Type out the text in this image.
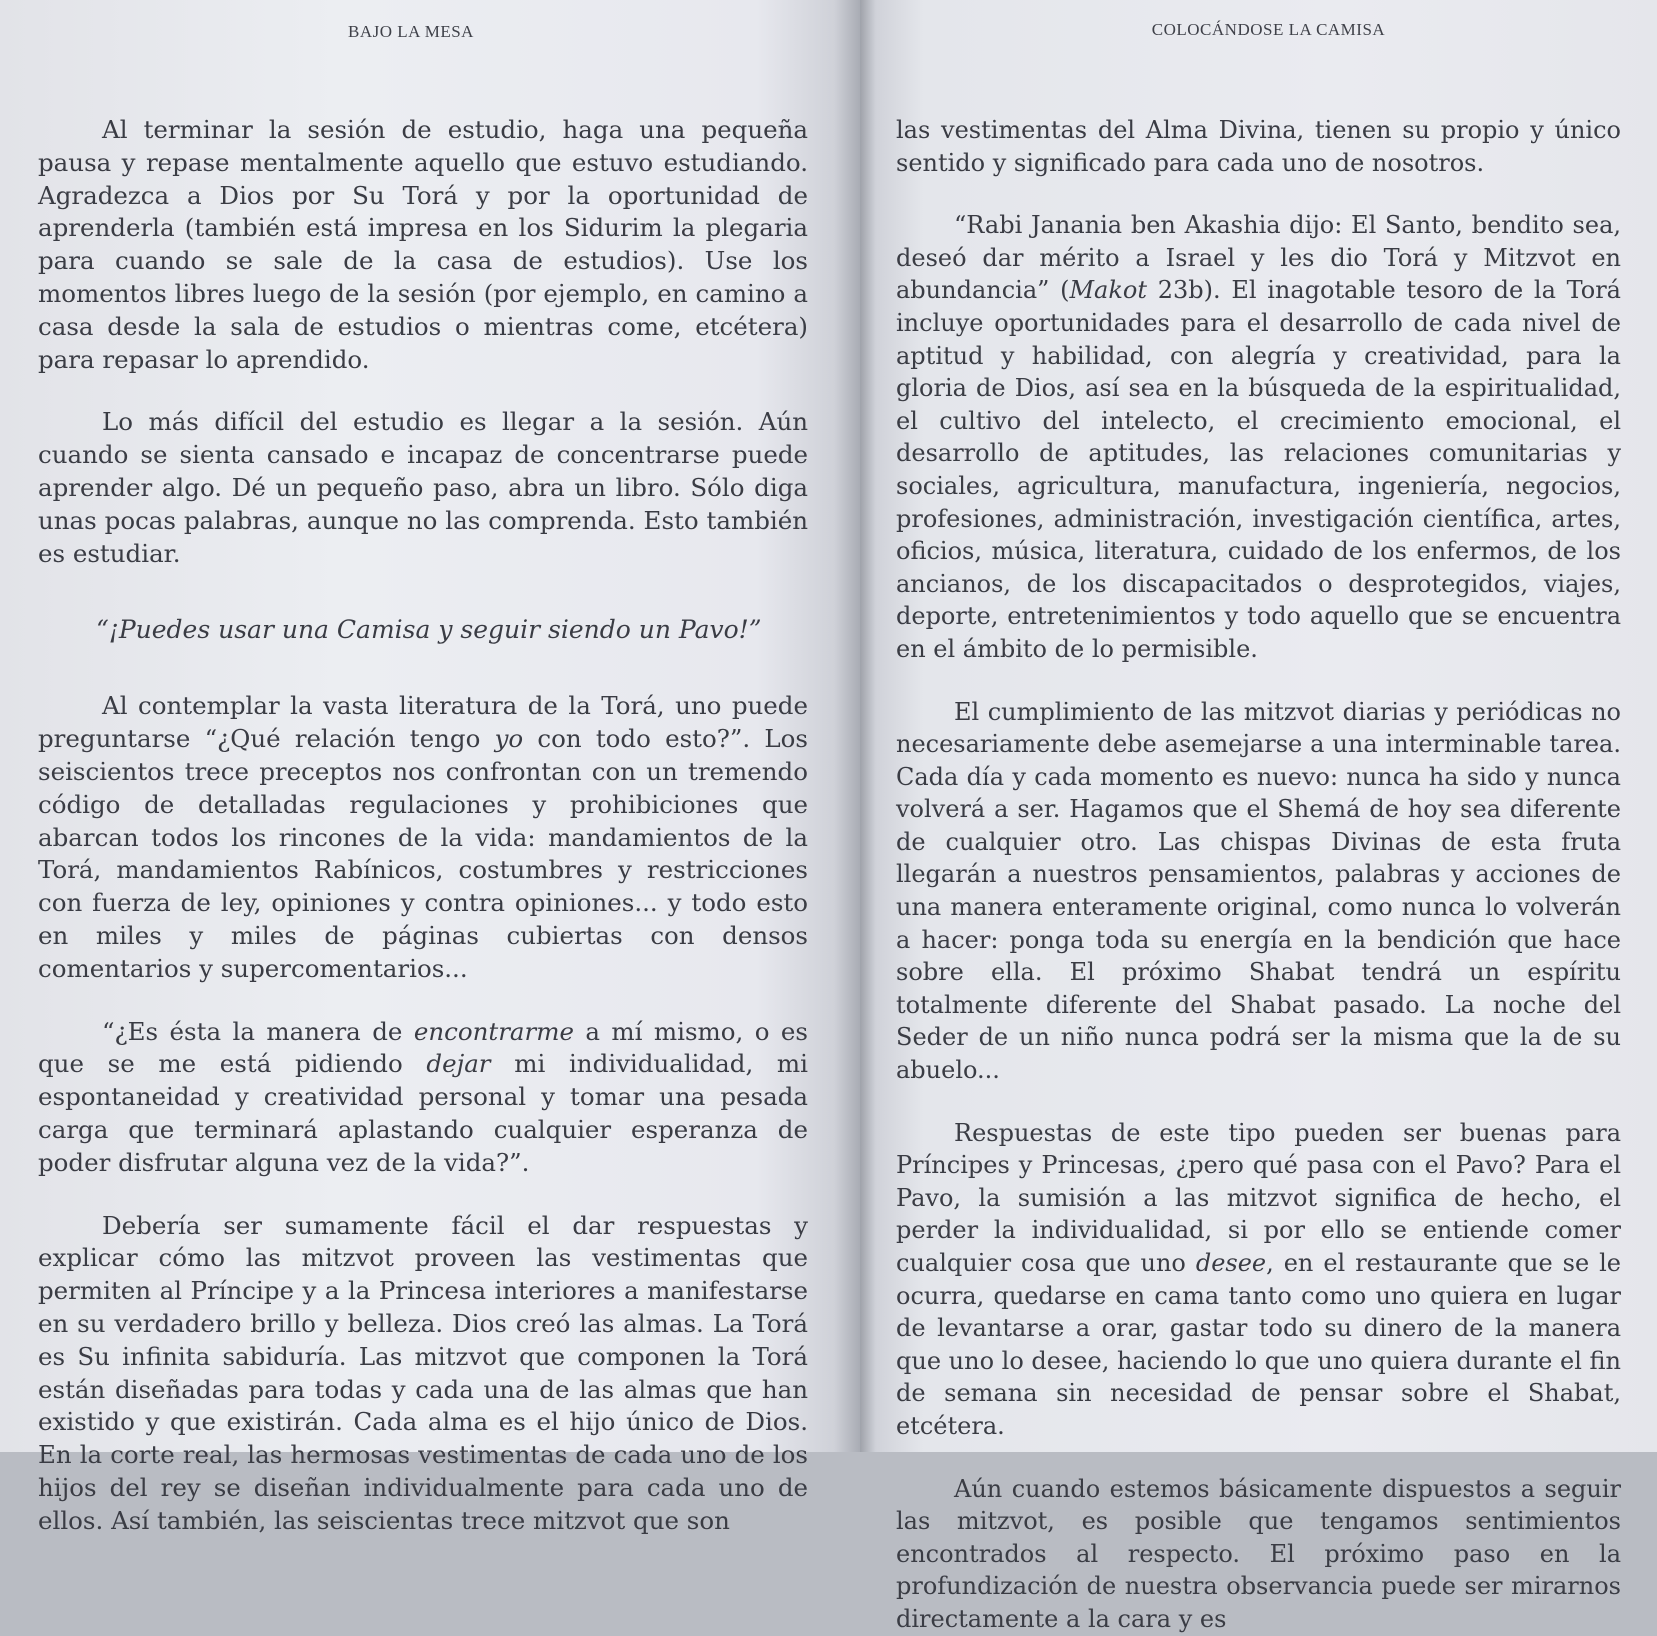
BAJO LA MESA

Al terminar la sesión de estudio, haga una pequeña pausa y repase mentalmente aquello que estuvo estudiando. Agradezca a Dios por Su Torá y por la oportunidad de aprenderla (también está impresa en los Sidurim la plegaria para cuando se sale de la casa de estudios). Use los momentos libres luego de la sesión (por ejemplo, en camino a casa desde la sala de estudios o mientras come, etcétera) para repasar lo aprendido.

Lo más difícil del estudio es llegar a la sesión. Aún cuando se sienta cansado e incapaz de concentrarse puede aprender algo. Dé un pequeño paso, abra un libro. Sólo diga unas pocas palabras, aunque no las comprenda. Esto también es estudiar.

“¡Puedes usar una Camisa y seguir siendo un Pavo!”

Al contemplar la vasta literatura de la Torá, uno puede preguntarse “¿Qué relación tengo yo con todo esto?”. Los seiscientos trece preceptos nos confrontan con un tremendo código de detalladas regulaciones y prohibiciones que abarcan todos los rincones de la vida: mandamientos de la Torá, mandamientos Rabínicos, costumbres y restricciones con fuerza de ley, opiniones y contra opiniones... y todo esto en miles y miles de páginas cubiertas con densos comentarios y supercomentarios...

“¿Es ésta la manera de encontrarme a mí mismo, o es que se me está pidiendo dejar mi individualidad, mi espontaneidad y creatividad personal y tomar una pesada carga que terminará aplastando cualquier esperanza de poder disfrutar alguna vez de la vida?”.

Debería ser sumamente fácil el dar respuestas y explicar cómo las mitzvot proveen las vestimentas que permiten al Príncipe y a la Princesa interiores a manifestarse en su verdadero brillo y belleza. Dios creó las almas. La Torá es Su infinita sabiduría. Las mitzvot que componen la Torá están diseñadas para todas y cada una de las almas que han existido y que existirán. Cada alma es el hijo único de Dios. En la corte real, las hermosas vestimentas de cada uno de los hijos del rey se diseñan individualmente para cada uno de ellos. Así también, las seiscientas trece mitzvot que son

COLOCÁNDOSE LA CAMISA

las vestimentas del Alma Divina, tienen su propio y único sentido y significado para cada uno de nosotros.

“Rabi Janania ben Akashia dijo: El Santo, bendito sea, deseó dar mérito a Israel y les dio Torá y Mitzvot en abundancia” (Makot 23b). El inagotable tesoro de la Torá incluye oportunidades para el desarrollo de cada nivel de aptitud y habilidad, con alegría y creatividad, para la gloria de Dios, así sea en la búsqueda de la espiritualidad, el cultivo del intelecto, el crecimiento emocional, el desarrollo de aptitudes, las relaciones comunitarias y sociales, agricultura, manufactura, ingeniería, negocios, profesiones, administración, investigación científica, artes, oficios, música, literatura, cuidado de los enfermos, de los ancianos, de los discapacitados o desprotegidos, viajes, deporte, entretenimientos y todo aquello que se encuentra en el ámbito de lo permisible.

El cumplimiento de las mitzvot diarias y periódicas no necesariamente debe asemejarse a una interminable tarea. Cada día y cada momento es nuevo: nunca ha sido y nunca volverá a ser. Hagamos que el Shemá de hoy sea diferente de cualquier otro. Las chispas Divinas de esta fruta llegarán a nuestros pensamientos, palabras y acciones de una manera enteramente original, como nunca lo volverán a hacer: ponga toda su energía en la bendición que hace sobre ella. El próximo Shabat tendrá un espíritu totalmente diferente del Shabat pasado. La noche del Seder de un niño nunca podrá ser la misma que la de su abuelo...

Respuestas de este tipo pueden ser buenas para Príncipes y Princesas, ¿pero qué pasa con el Pavo? Para el Pavo, la sumisión a las mitzvot significa de hecho, el perder la individualidad, si por ello se entiende comer cualquier cosa que uno desee, en el restaurante que se le ocurra, quedarse en cama tanto como uno quiera en lugar de levantarse a orar, gastar todo su dinero de la manera que uno lo desee, haciendo lo que uno quiera durante el fin de semana sin necesidad de pensar sobre el Shabat, etcétera.

Aún cuando estemos básicamente dispuestos a seguir las mitzvot, es posible que tengamos sentimientos encontrados al respecto. El próximo paso en la profundización de nuestra observancia puede ser mirarnos directamente a la cara y es
